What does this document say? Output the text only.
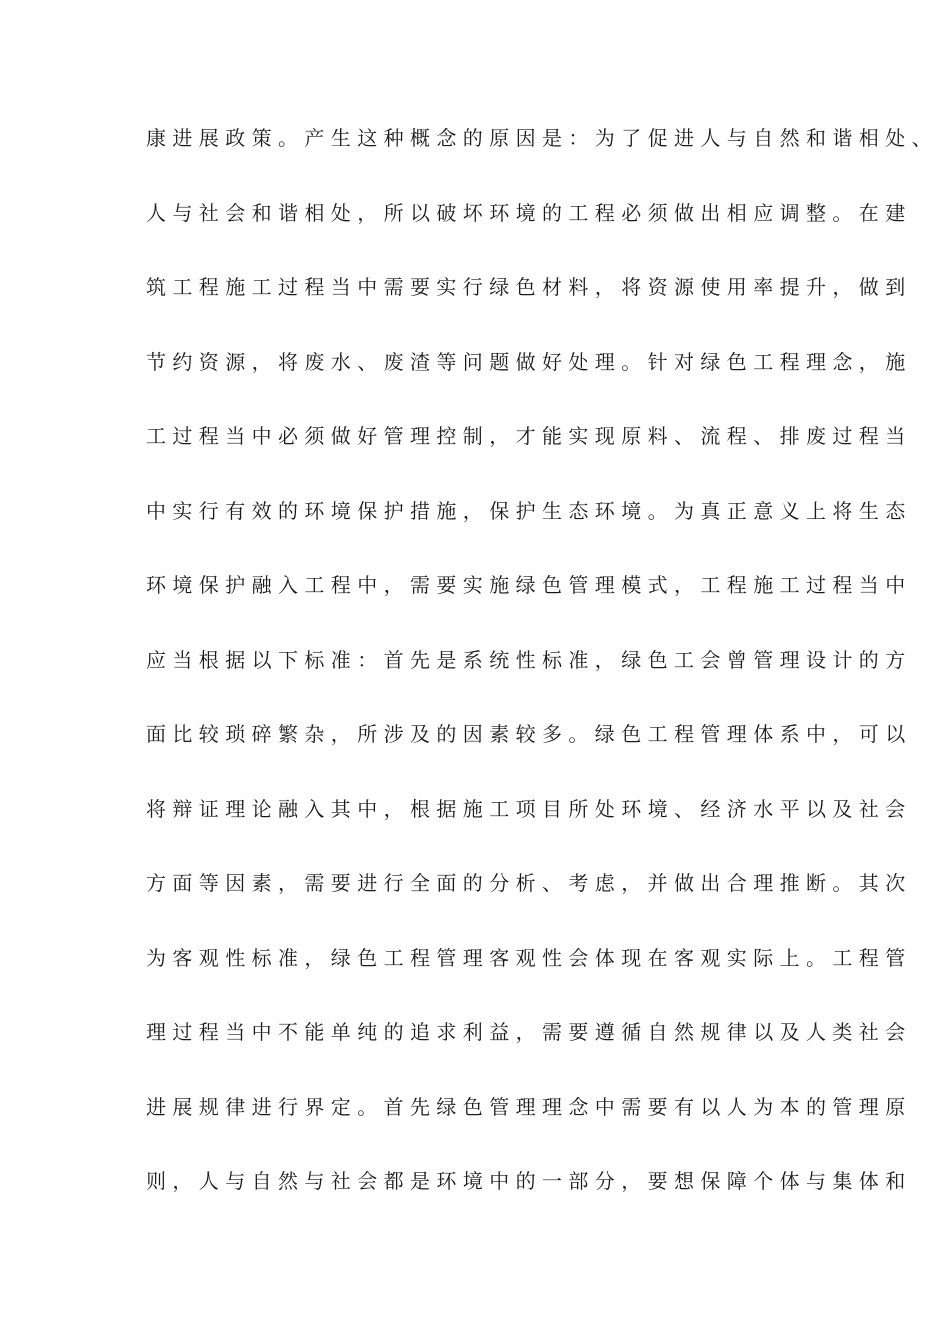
康进展政策。产生这种概念的原因是：为了促进人与自然和谐相处、
人与社会和谐相处，所以破坏环境的工程必须做出相应调整。在建
筑工程施工过程当中需要实行绿色材料，将资源使用率提升，做到
节约资源，将废水、废渣等问题做好处理。针对绿色工程理念，施
工过程当中必须做好管理控制，才能实现原料、流程、排废过程当
中实行有效的环境保护措施，保护生态环境。为真正意义上将生态
环境保护融入工程中，需要实施绿色管理模式，工程施工过程当中
应当根据以下标准：首先是系统性标准，绿色工会曾管理设计的方
面比较琐碎繁杂，所涉及的因素较多。绿色工程管理体系中，可以
将辩证理论融入其中，根据施工项目所处环境、经济水平以及社会
方面等因素，需要进行全面的分析、考虑，并做出合理推断。其次
为客观性标准，绿色工程管理客观性会体现在客观实际上。工程管
理过程当中不能单纯的追求利益，需要遵循自然规律以及人类社会
进展规律进行界定。首先绿色管理理念中需要有以人为本的管理原
则，人与自然与社会都是环境中的一部分，要想保障个体与集体和
